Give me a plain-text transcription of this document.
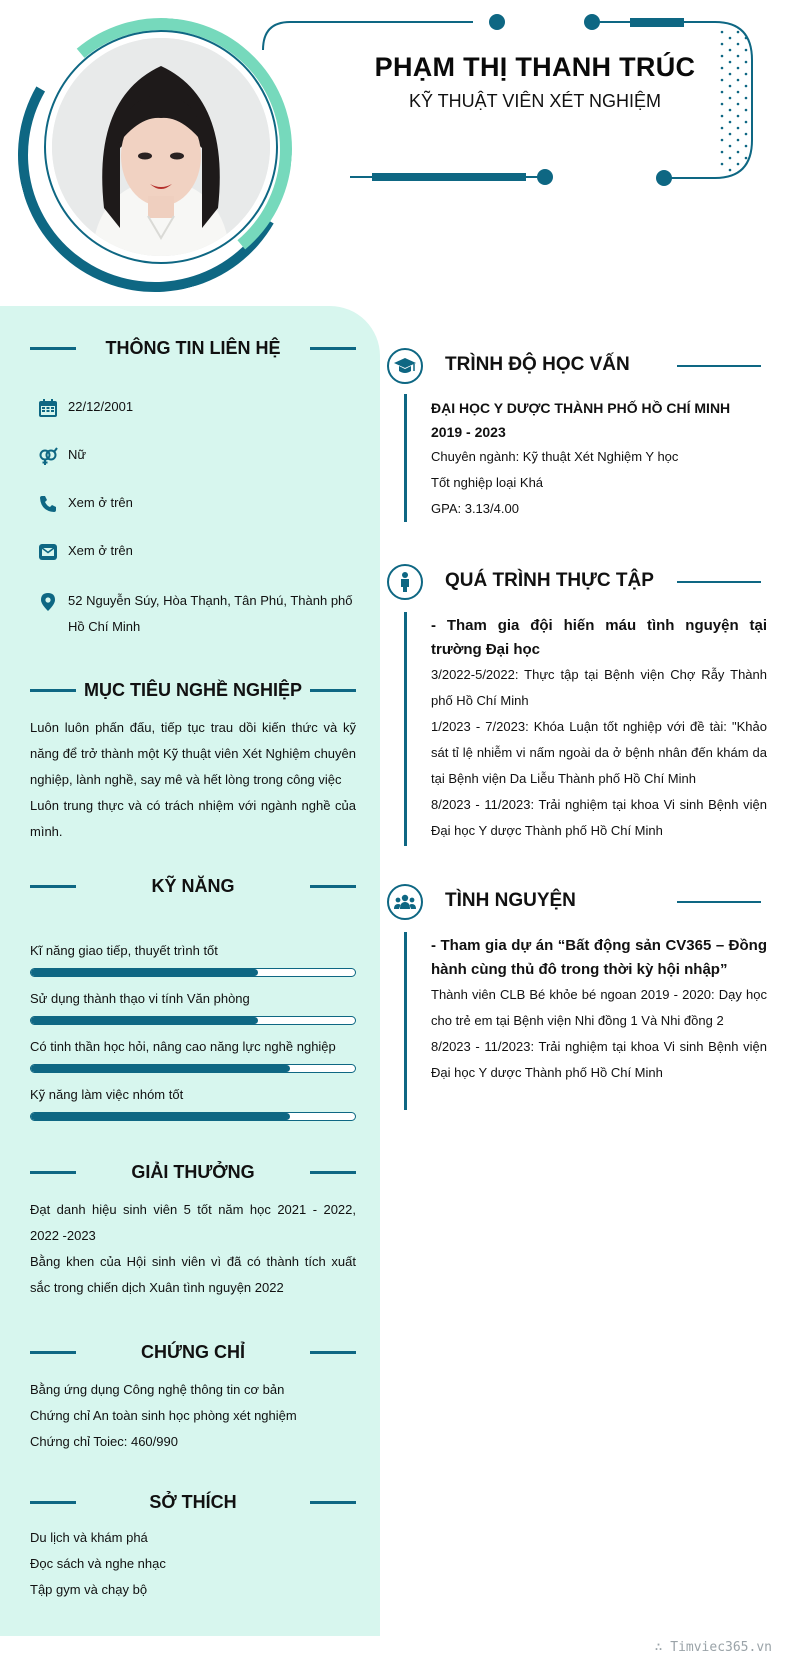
PHẠM THỊ THANH TRÚC
KỸ THUẬT VIÊN XÉT NGHIỆM
THÔNG TIN LIÊN HỆ
22/12/2001
Nữ
Xem ở trên
Xem ở trên
52 Nguyễn Súy, Hòa Thạnh, Tân Phú, Thành phố Hồ Chí Minh
MỤC TIÊU NGHỀ NGHIỆP
Luôn luôn phấn đấu, tiếp tục trau dồi kiến thức và kỹ năng để trở thành một Kỹ thuật viên Xét Nghiệm chuyên nghiệp, lành nghề, say mê và hết lòng trong công việc
Luôn trung thực và có trách nhiệm với ngành nghề của mình.
KỸ NĂNG
Kĩ năng giao tiếp, thuyết trình tốt
Sử dụng thành thạo vi tính Văn phòng
Có tinh thần học hỏi, nâng cao năng lực nghề nghiệp
Kỹ năng làm việc nhóm tốt
GIẢI THƯỞNG
Đạt danh hiệu sinh viên 5 tốt năm học 2021 - 2022, 2022 -2023
Bằng khen của Hội sinh viên vì đã có thành tích xuất sắc trong chiến dịch Xuân tình nguyện 2022
CHỨNG CHỈ
Bằng ứng dụng Công nghệ thông tin cơ bản
Chứng chỉ An toàn sinh học phòng xét nghiệm
Chứng chỉ Toiec: 460/990
SỞ THÍCH
Du lịch và khám phá
Đọc sách và nghe nhạc
Tập gym và chạy bộ
TRÌNH ĐỘ HỌC VẤN
ĐẠI HỌC Y DƯỢC THÀNH PHỐ HỒ CHÍ MINH
2019 - 2023
Chuyên ngành: Kỹ thuật Xét Nghiệm Y học
Tốt nghiệp loại Khá
GPA: 3.13/4.00
QUÁ TRÌNH THỰC TẬP
- Tham gia đội hiến máu tình nguyện tại trường Đại học
3/2022-5/2022: Thực tập tại Bệnh viện Chợ Rẫy Thành phố Hồ Chí Minh
1/2023 - 7/2023: Khóa Luận tốt nghiệp với đề tài: "Khảo sát tỉ lệ nhiễm vi nấm ngoài da ở bệnh nhân đến khám da tại Bệnh viện Da Liễu Thành phố Hồ Chí Minh
8/2023 - 11/2023: Trải nghiệm tại khoa Vi sinh Bệnh viện Đại học Y dược Thành phố Hồ Chí Minh
TÌNH NGUYỆN
- Tham gia dự án “Bất động sản CV365 – Đồng hành cùng thủ đô trong thời kỳ hội nhập”
Thành viên CLB Bé khỏe bé ngoan 2019 - 2020: Dạy học cho trẻ em tại Bệnh viện Nhi đồng 1 Và Nhi đồng 2
8/2023 - 11/2023: Trải nghiệm tại khoa Vi sinh Bệnh viện Đại học Y dược Thành phố Hồ Chí Minh
∴ Timviec365.vn
